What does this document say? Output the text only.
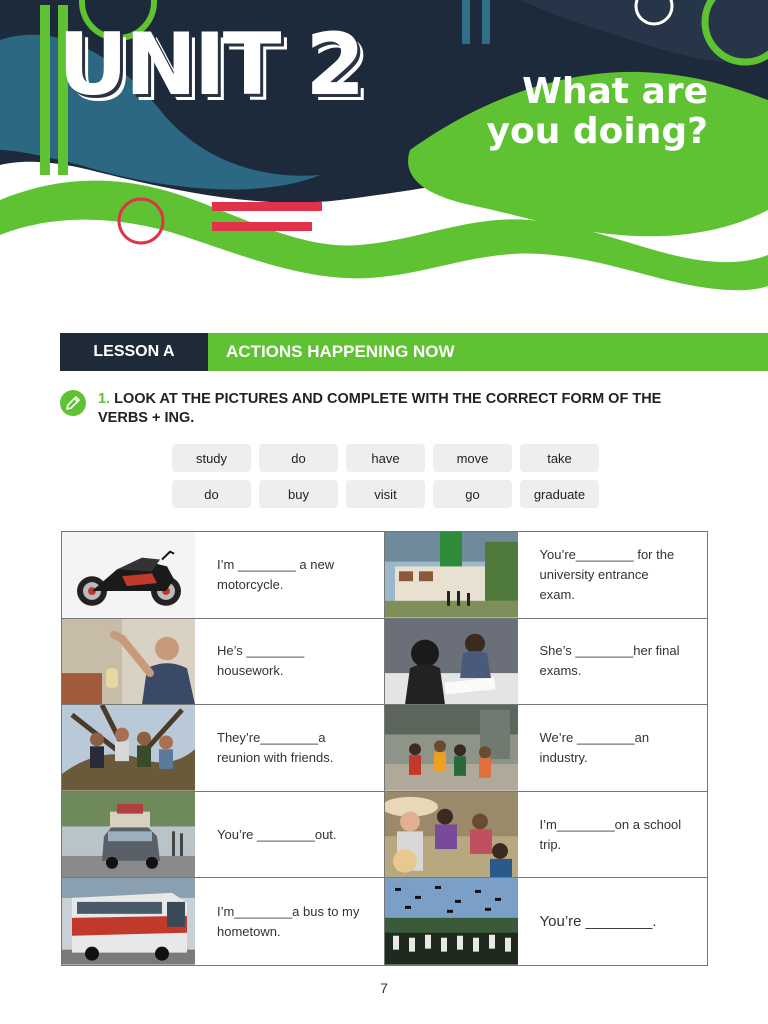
UNIT 2	What are
you doing?
LESSON A	ACTIONS HAPPENING NOW
1. LOOK AT THE PICTURES AND COMPLETE WITH THE CORRECT FORM OF THE VERBS + ING.
study	do	have	move	take
do	buy	visit	go	graduate
I’m ________ a new motorcycle.
You’re________ for the university entrance exam.
He’s ________ housework.
She’s ________her final exams.
They’re________a reunion with friends.
We’re ________an industry.
You’re ________out.
I’m________on a school trip.
I’m________a bus to my hometown.
You’re ________.
7
